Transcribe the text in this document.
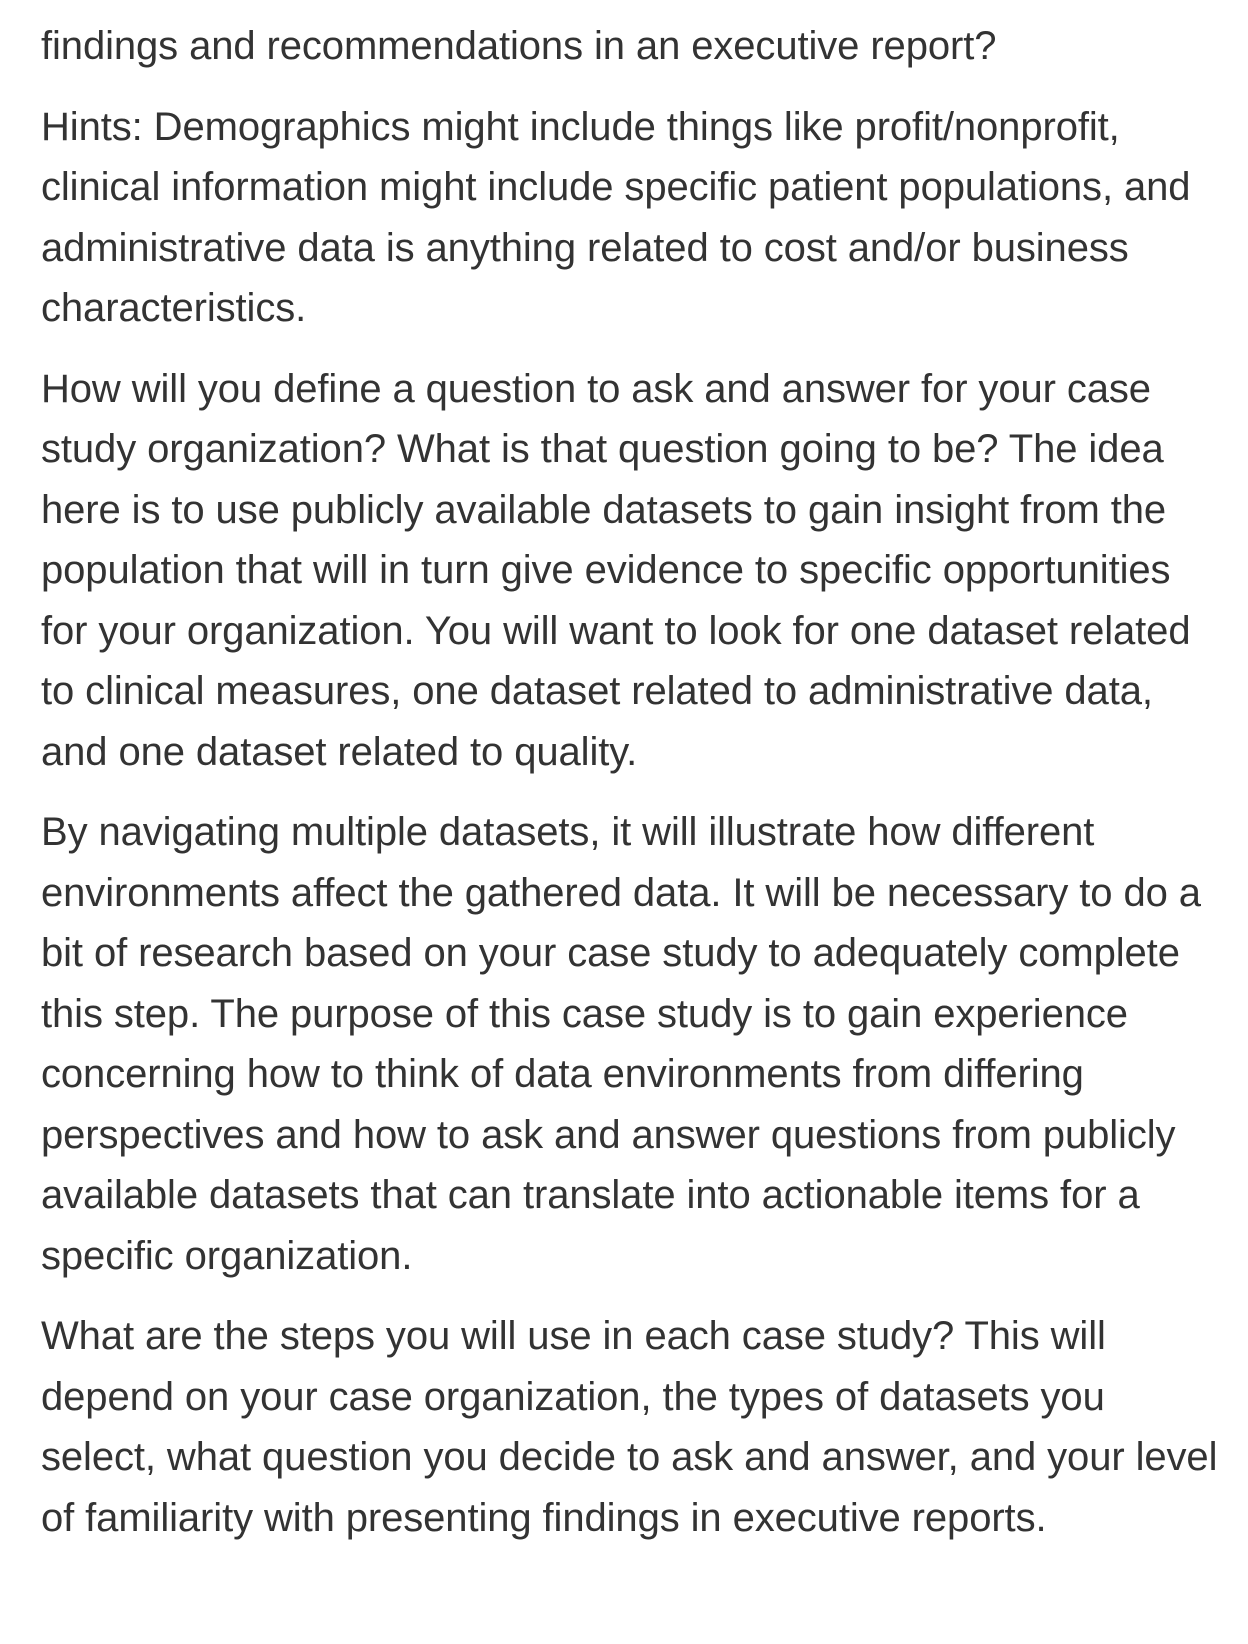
findings and recommendations in an executive report?

Hints: Demographics might include things like profit/nonprofit, clinical information might include specific patient populations, and administrative data is anything related to cost and/or business characteristics.

How will you define a question to ask and answer for your case study organization? What is that question going to be? The idea here is to use publicly available datasets to gain insight from the population that will in turn give evidence to specific opportunities for your organization. You will want to look for one dataset related to clinical measures, one dataset related to administrative data, and one dataset related to quality.

By navigating multiple datasets, it will illustrate how different environments affect the gathered data. It will be necessary to do a bit of research based on your case study to adequately complete this step. The purpose of this case study is to gain experience concerning how to think of data environments from differing perspectives and how to ask and answer questions from publicly available datasets that can translate into actionable items for a specific organization.

What are the steps you will use in each case study? This will depend on your case organization, the types of datasets you select, what question you decide to ask and answer, and your level of familiarity with presenting findings in executive reports.
